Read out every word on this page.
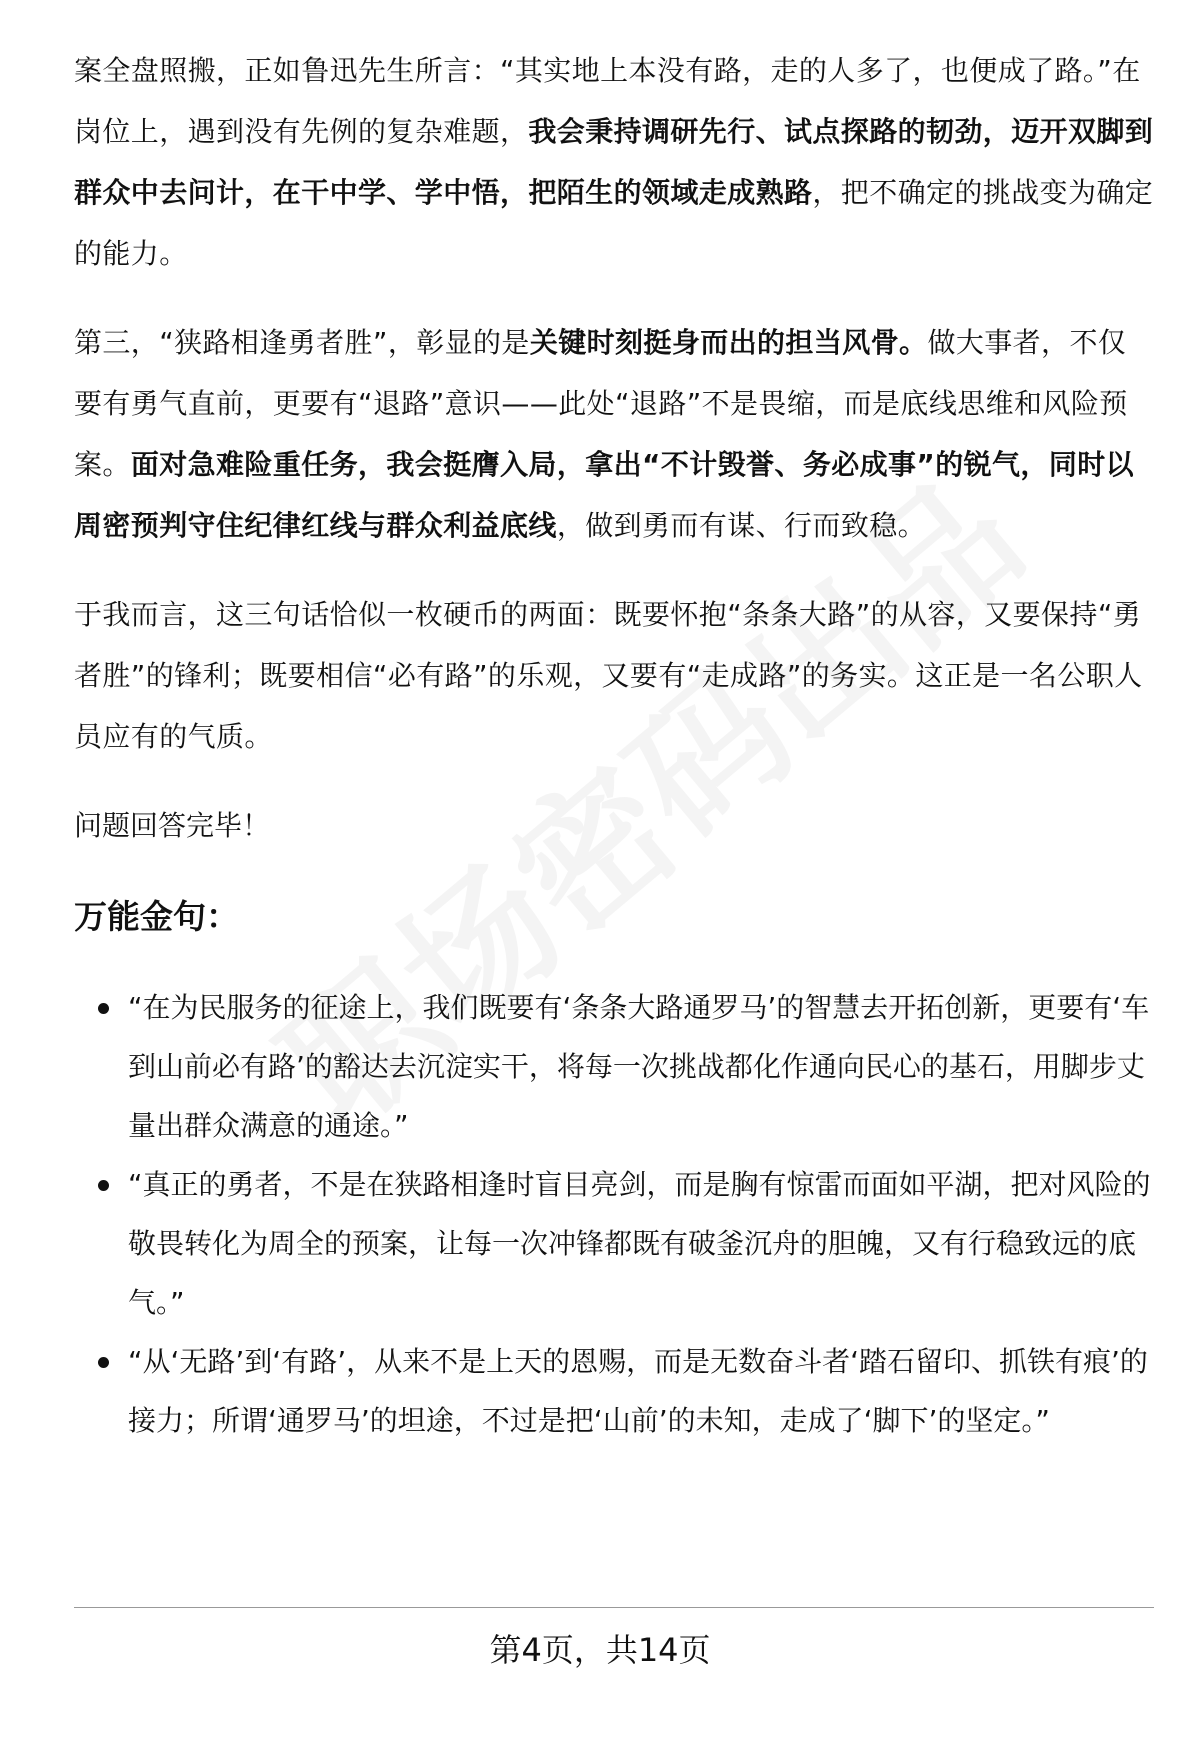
案全盘照搬，正如鲁迅先生所言：“其实地上本没有路，走的人多了，也便成了路。”在岗位上，遇到没有先例的复杂难题，我会秉持调研先行、试点探路的韧劲，迈开双脚到群众中去问计，在干中学、学中悟，把陌生的领域走成熟路，把不确定的挑战变为确定的能力。

第三，“狭路相逢勇者胜”，彰显的是关键时刻挺身而出的担当风骨。做大事者，不仅要有勇气直前，更要有“退路”意识——此处“退路”不是畏缩，而是底线思维和风险预案。面对急难险重任务，我会挺膺入局，拿出“不计毁誉、务必成事”的锐气，同时以周密预判守住纪律红线与群众利益底线，做到勇而有谋、行而致稳。

于我而言，这三句话恰似一枚硬币的两面：既要怀抱“条条大路”的从容，又要保持“勇者胜”的锋利；既要相信“必有路”的乐观，又要有“走成路”的务实。这正是一名公职人员应有的气质。

问题回答完毕！

万能金句：
“在为民服务的征途上，我们既要有‘条条大路通罗马’的智慧去开拓创新，更要有‘车到山前必有路’的豁达去沉淀实干，将每一次挑战都化作通向民心的基石，用脚步丈量出群众满意的通途。”
“真正的勇者，不是在狭路相逢时盲目亮剑，而是胸有惊雷而面如平湖，把对风险的敬畏转化为周全的预案，让每一次冲锋都既有破釜沉舟的胆魄，又有行稳致远的底气。”
“从‘无路’到‘有路’，从来不是上天的恩赐，而是无数奋斗者‘踏石留印、抓铁有痕’的接力；所谓‘通罗马’的坦途，不过是把‘山前’的未知，走成了‘脚下’的坚定。”
第4页，共14页
